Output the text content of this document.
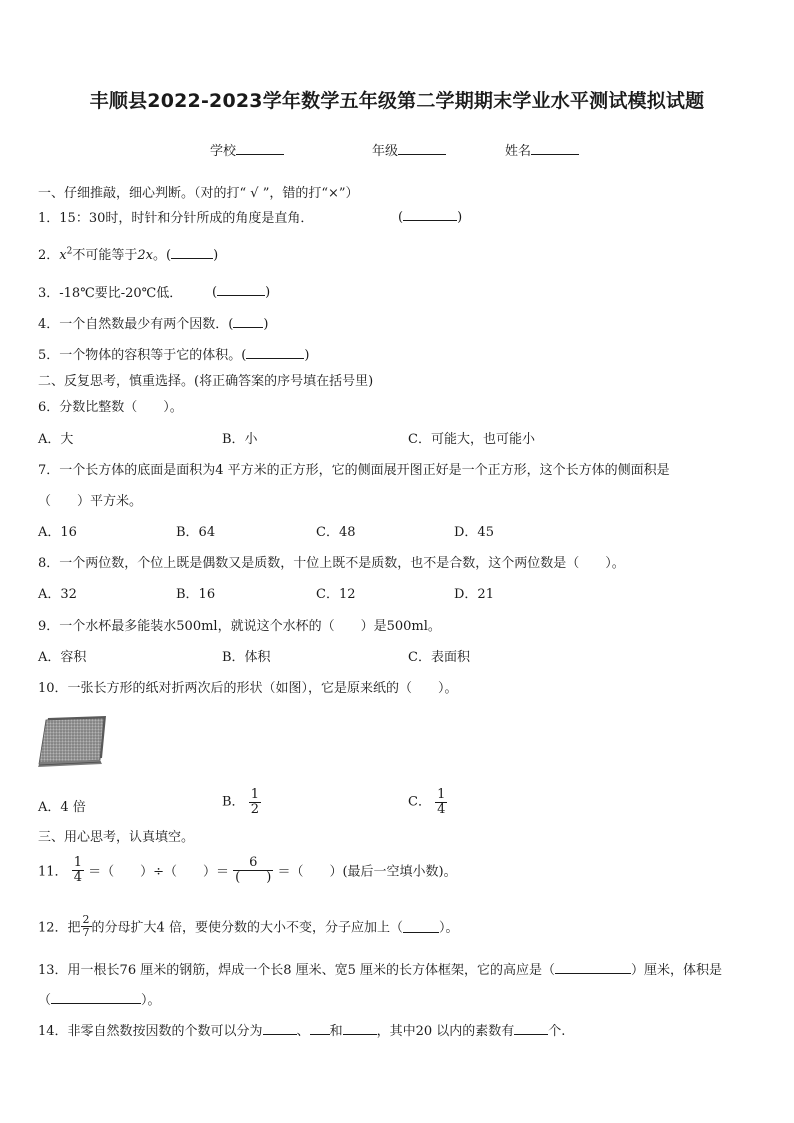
丰顺县2022-2023学年数学五年级第二学期期末学业水平测试模拟试题
学校	年级	姓名
一、仔细推敲，细心判断。（对的打“ √ ”，错的打“×”）
1．15：30时，时针和分针所成的角度是直角．	(	)
2．$x^2$不可能等于2x。(	)
3．-18℃要比-20℃低． (	)
4．一个自然数最少有两个因数．( )
5．一个物体的容积等于它的体积。(	)
二、反复思考，慎重选择。(将正确答案的序号填在括号里)
6．分数比整数（　　）。
A．大	B．小	C．可能大，也可能小
7．一个长方体的底面是面积为4 平方米的正方形，它的侧面展开图正好是一个正方形，这个长方体的侧面积是
（　　）平方米。
A．16	B．64	C．48	D．45
8．一个两位数，个位上既是偶数又是质数，十位上既不是质数，也不是合数，这个两位数是（　　）。
A．32	B．16	C．12	D．21
9．一个水杯最多能装水500ml，就说这个水杯的（　　）是500ml。
A．容积	B．体积	C．表面积
10．一张长方形的纸对折两次后的形状（如图），它是原来纸的（　　）。
A．4 倍	B． $\frac{1}{2}$	C． $\frac{1}{4}$
三、用心思考，认真填空。
11． $\frac{1}{4}$ ＝（　　）÷（　　）＝ $\frac{6}{( )}$ ＝（　　）(最后一空填小数)。
12．把 $\frac{2}{7}$ 的分母扩大4 倍，要使分数的大小不变，分子应加上（	）。
13．用一根长76 厘米的钢筋，焊成一个长8 厘米、宽5 厘米的长方体框架，它的高应是（	）厘米，体积是
（	）。
14．非零自然数按因数的个数可以分为	、 和	，其中20 以内的素数有	个.
